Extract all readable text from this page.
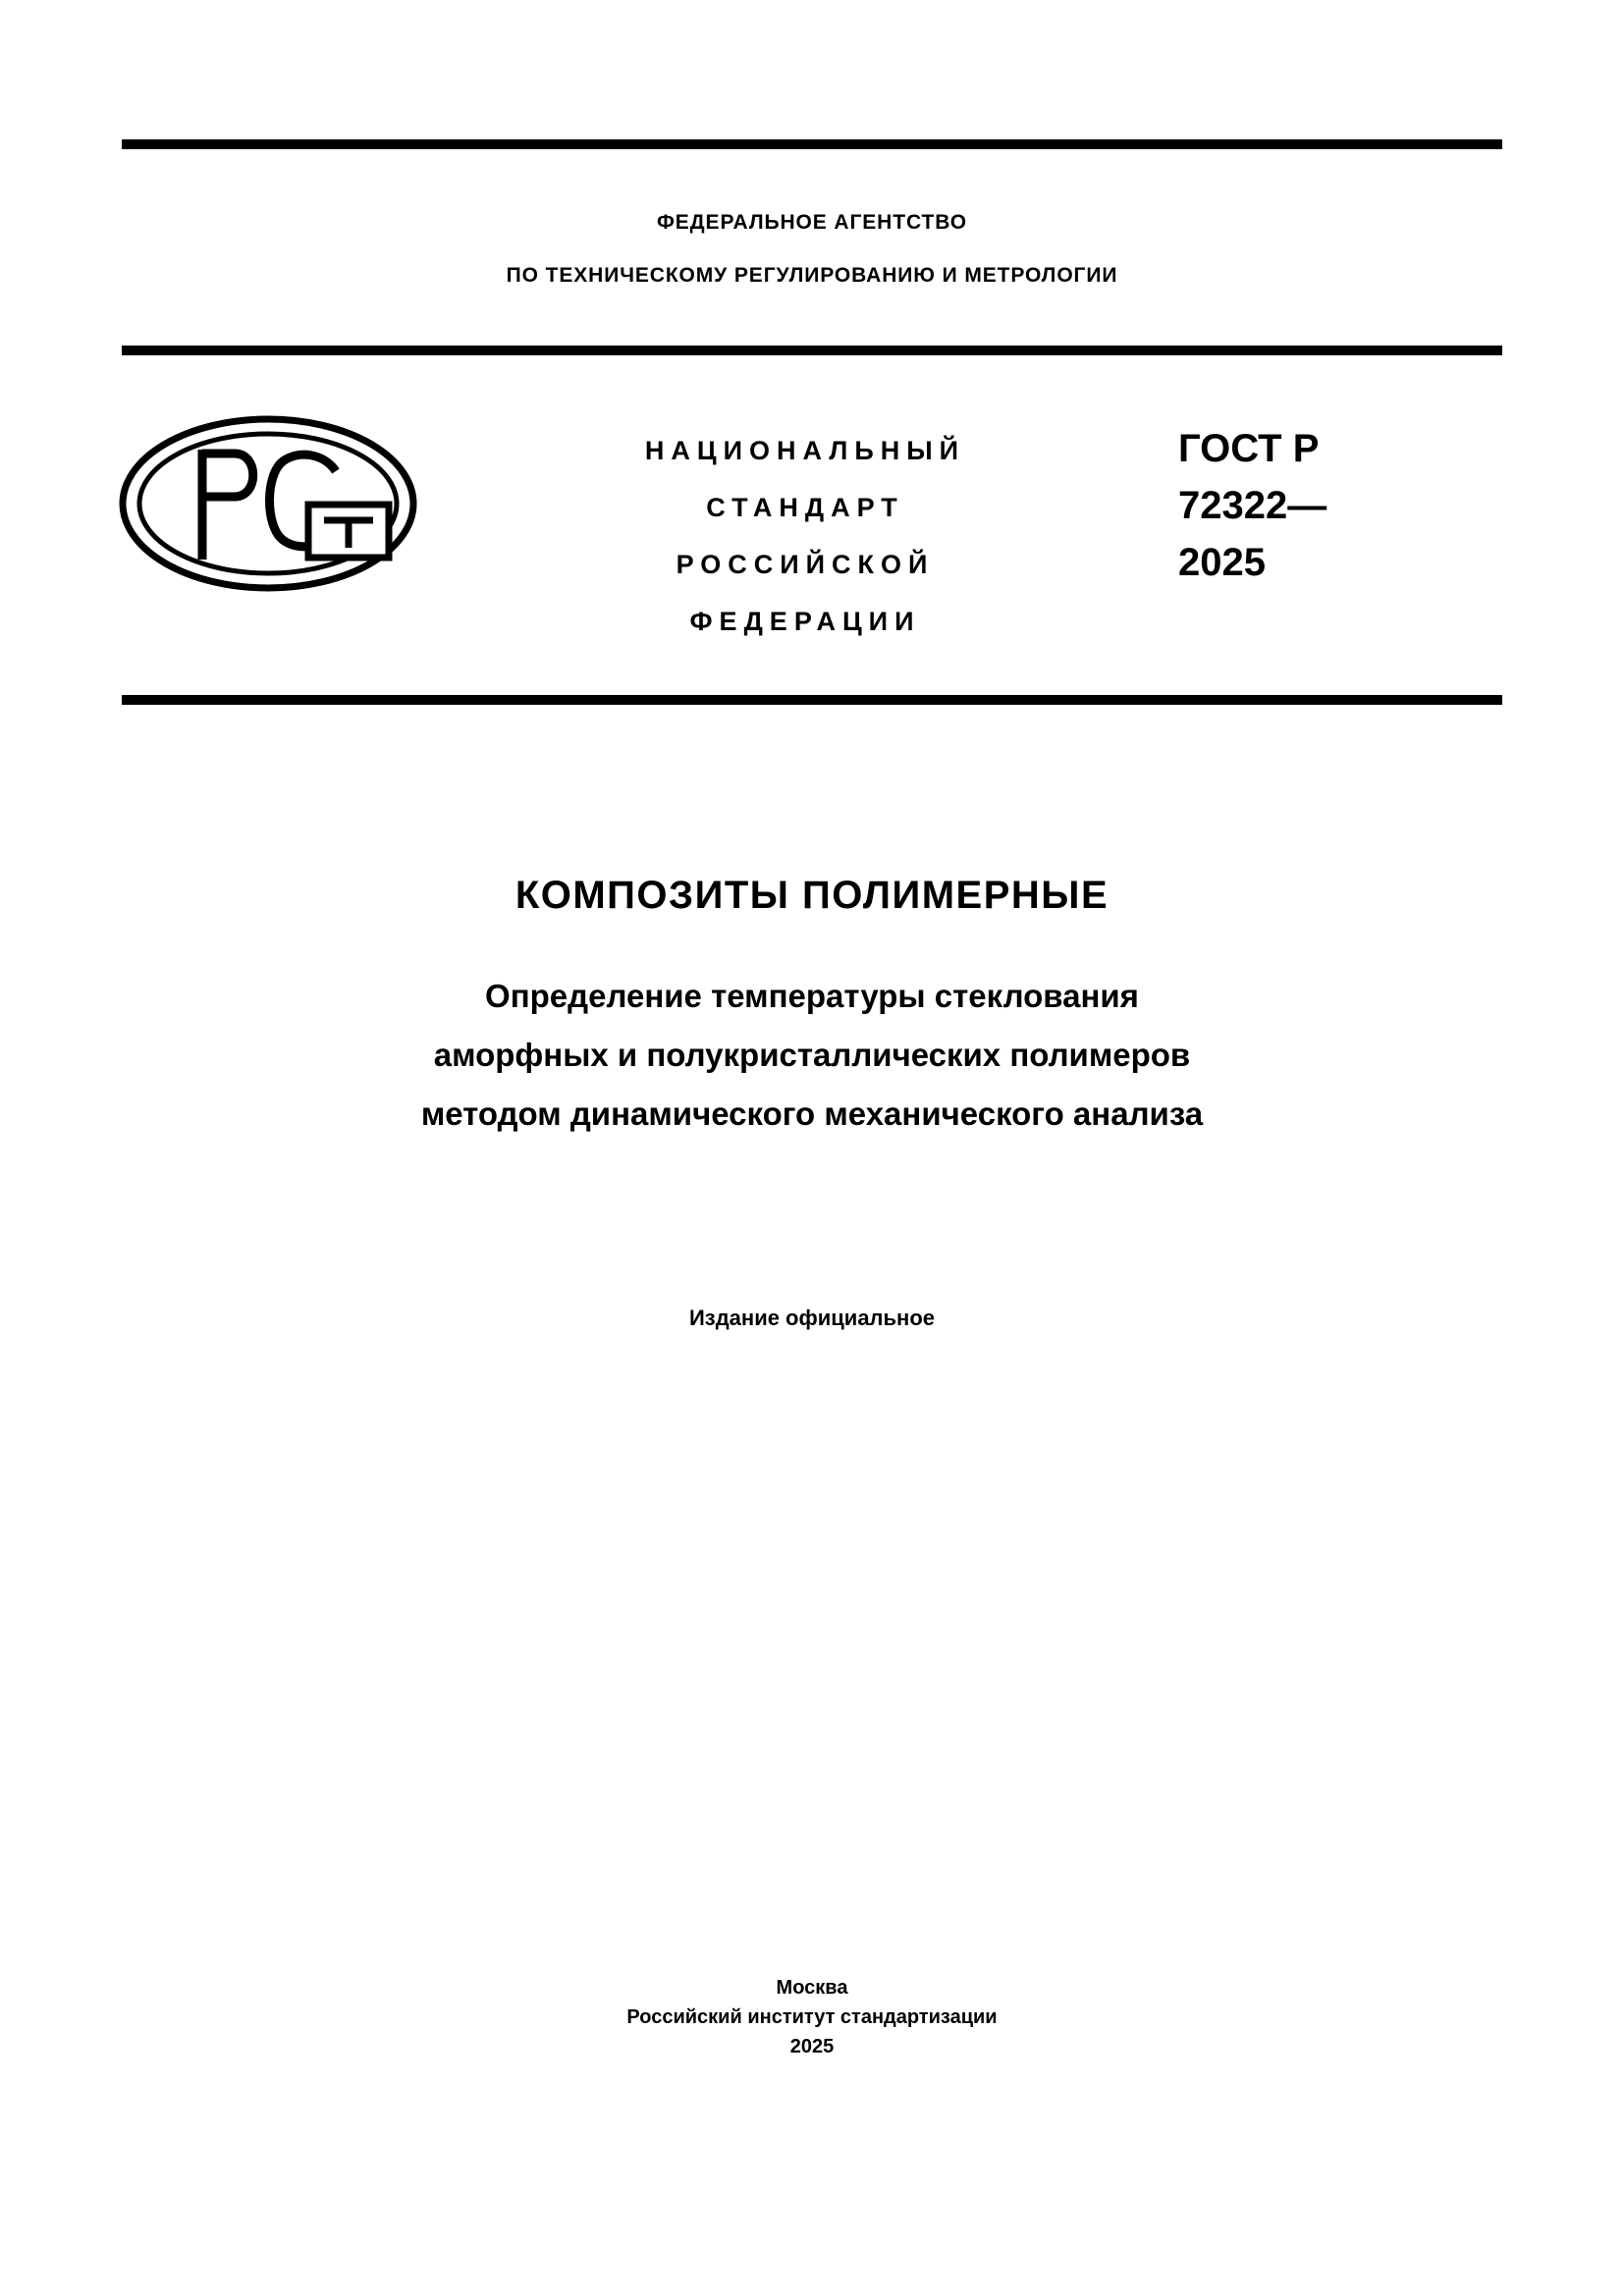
ФЕДЕРАЛЬНОЕ АГЕНТСТВО
ПО ТЕХНИЧЕСКОМУ РЕГУЛИРОВАНИЮ И МЕТРОЛОГИИ
НАЦИОНАЛЬНЫЙ
СТАНДАРТ
РОССИЙСКОЙ
ФЕДЕРАЦИИ
ГОСТ Р
72322—
2025
КОМПОЗИТЫ ПОЛИМЕРНЫЕ
Определение температуры стеклования
аморфных и полукристаллических полимеров
методом динамического механического анализа
Издание официальное
Москва
Российский институт стандартизации
2025
